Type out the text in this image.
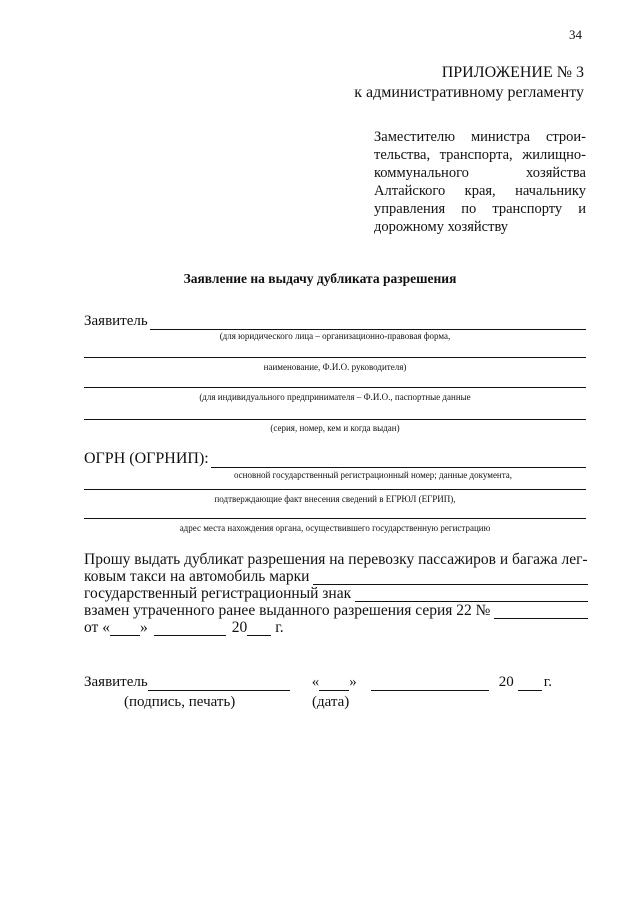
34
ПРИЛОЖЕНИЕ № 3
к административному регламенту
Заместителю министра строи-
тельства, транспорта, жилищно-
коммунального хозяйства
Алтайского края, начальнику
управления по транспорту и
дорожному хозяйству
Заявление на выдачу дубликата разрешения
Заявитель
(для юридического лица – организационно-правовая форма,
наименование, Ф.И.О. руководителя)
(для индивидуального предпринимателя – Ф.И.О., паспортные данные
(серия, номер, кем и когда выдан)
ОГРН (ОГРНИП):
основной государственный регистрационный номер; данные документа,
подтверждающие факт внесения сведений в ЕГРЮЛ (ЕГРИП),
адрес места нахождения органа, осуществившего государственную регистрацию
Прошу выдать дубликат разрешения на перевозку пассажиров и багажа лег-
ковым такси на автомобиль марки
государственный регистрационный знак
взамен утраченного ранее выданного разрешения серия 22 №
от « »	20 г.
Заявитель	« »	20 г.
(подпись, печать)	(дата)
